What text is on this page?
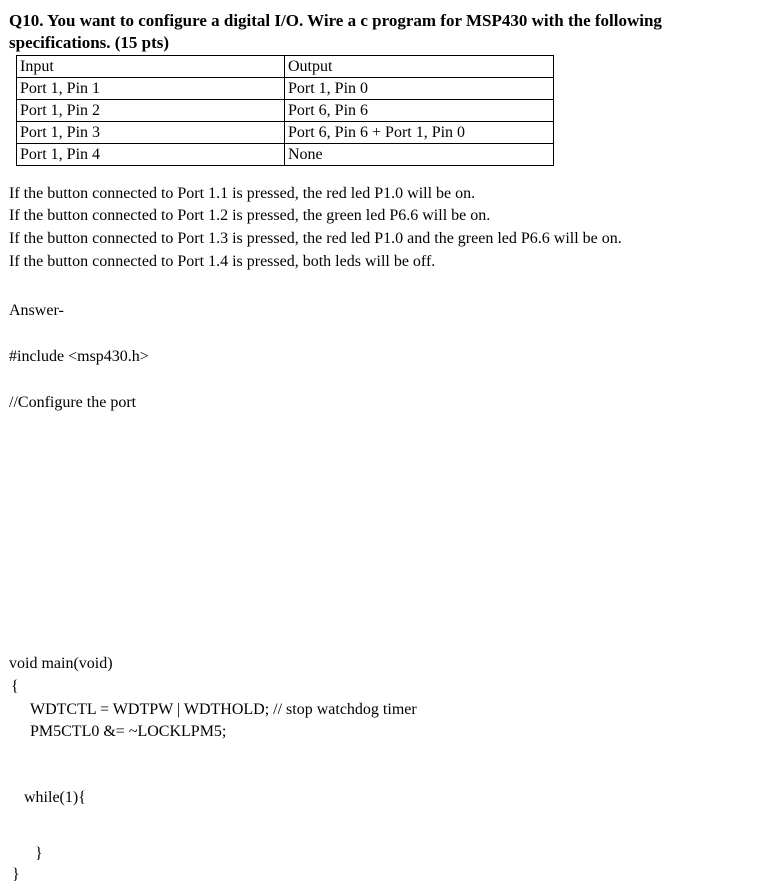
Q10. You want to configure a digital I/O. Wire a c program for MSP430 with the following
specifications. (15 pts)
Input	Output
Port 1, Pin 1	Port 1, Pin 0
Port 1, Pin 2	Port 6, Pin 6
Port 1, Pin 3	Port 6, Pin 6 + Port 1, Pin 0
Port 1, Pin 4	None
If the button connected to Port 1.1 is pressed, the red led P1.0 will be on.
If the button connected to Port 1.2 is pressed, the green led P6.6 will be on.
If the button connected to Port 1.3 is pressed, the red led P1.0 and the green led P6.6 will be on.
If the button connected to Port 1.4 is pressed, both leds will be off.
Answer-
#include <msp430.h>
//Configure the port
void main(void)
{
WDTCTL = WDTPW | WDTHOLD; // stop watchdog timer
PM5CTL0 &= ~LOCKLPM5;
while(1){
}
}
